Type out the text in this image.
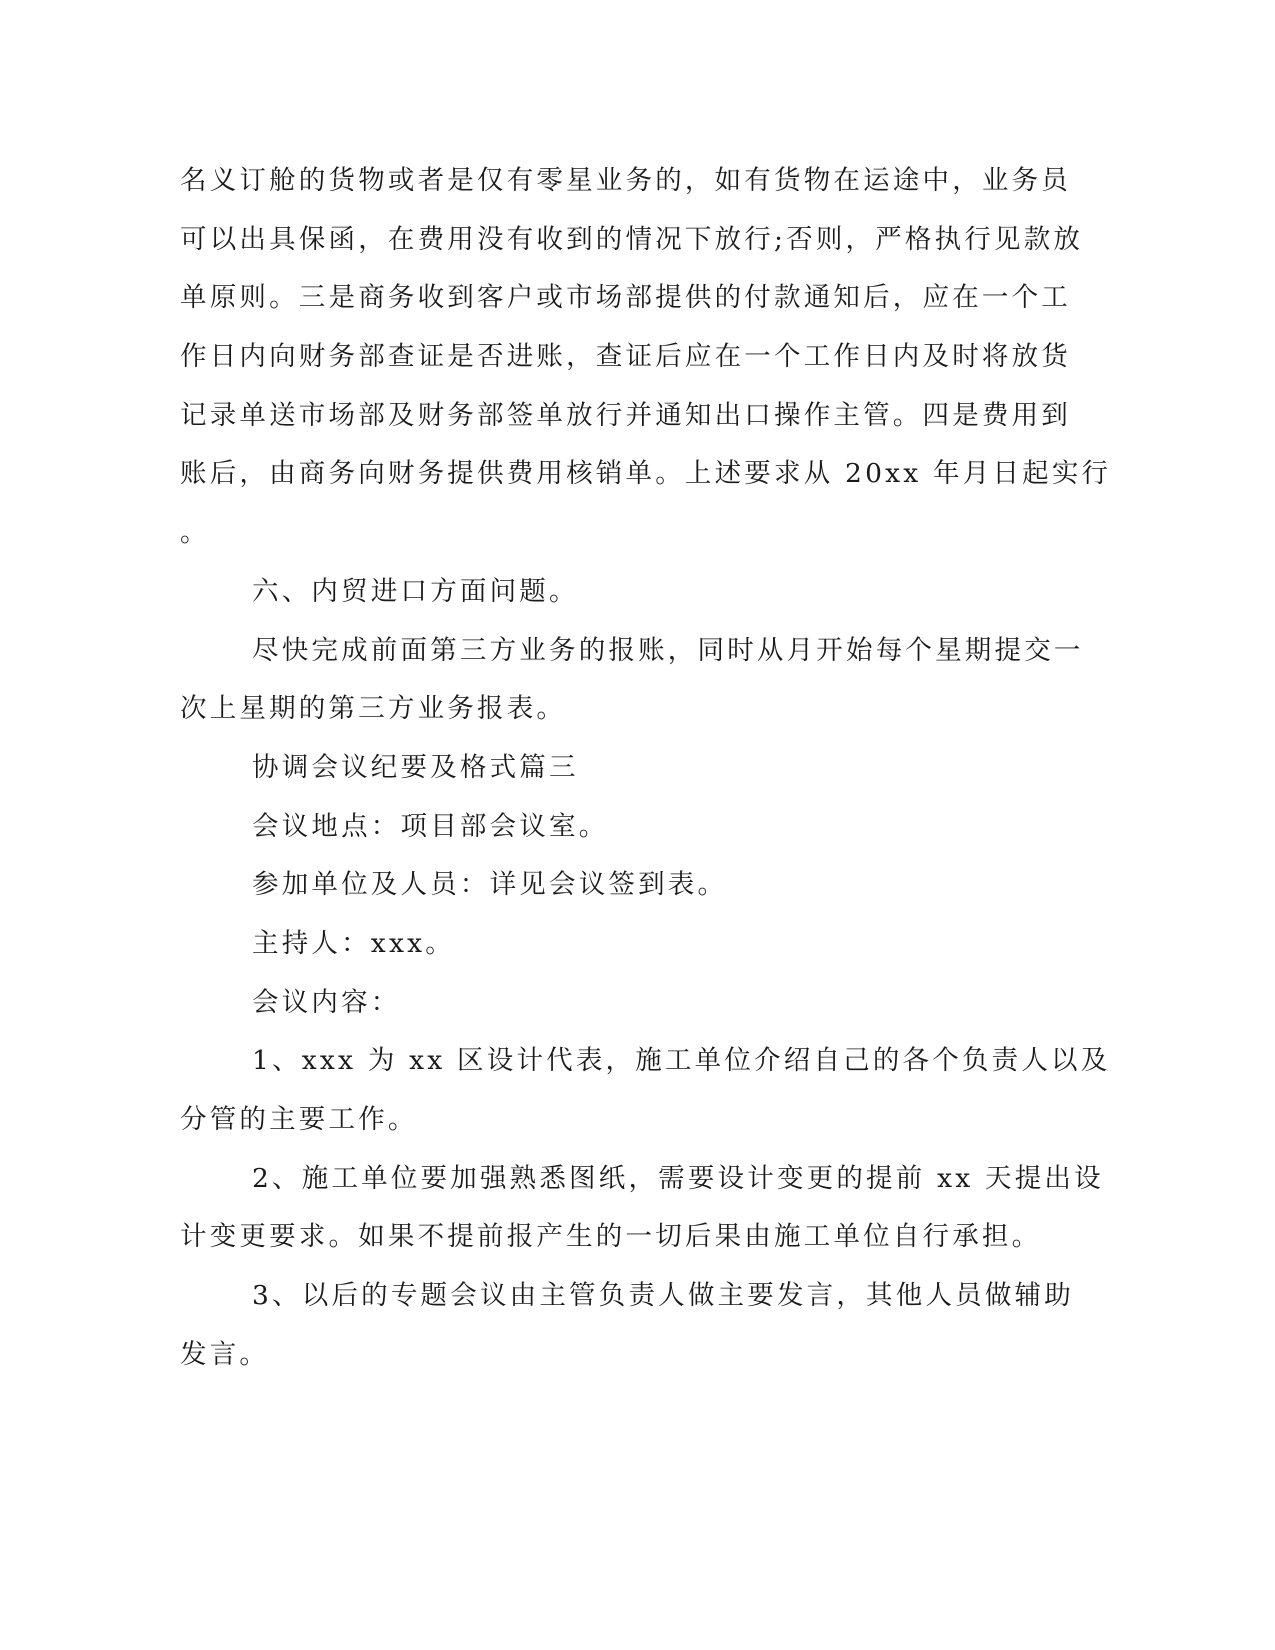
名义订舱的货物或者是仅有零星业务的，如有货物在运途中，业务员
可以出具保函，在费用没有收到的情况下放行;否则，严格执行见款放
单原则。三是商务收到客户或市场部提供的付款通知后，应在一个工
作日内向财务部查证是否进账，查证后应在一个工作日内及时将放货
记录单送市场部及财务部签单放行并通知出口操作主管。四是费用到
账后，由商务向财务提供费用核销单。上述要求从 20xx 年月日起实行
。
六、内贸进口方面问题。
尽快完成前面第三方业务的报账，同时从月开始每个星期提交一
次上星期的第三方业务报表。
协调会议纪要及格式篇三
会议地点：项目部会议室。
参加单位及人员：详见会议签到表。
主持人：xxx。
会议内容：
1、xxx 为 xx 区设计代表，施工单位介绍自己的各个负责人以及
分管的主要工作。
2、施工单位要加强熟悉图纸，需要设计变更的提前 xx 天提出设
计变更要求。如果不提前报产生的一切后果由施工单位自行承担。
3、以后的专题会议由主管负责人做主要发言，其他人员做辅助
发言。
